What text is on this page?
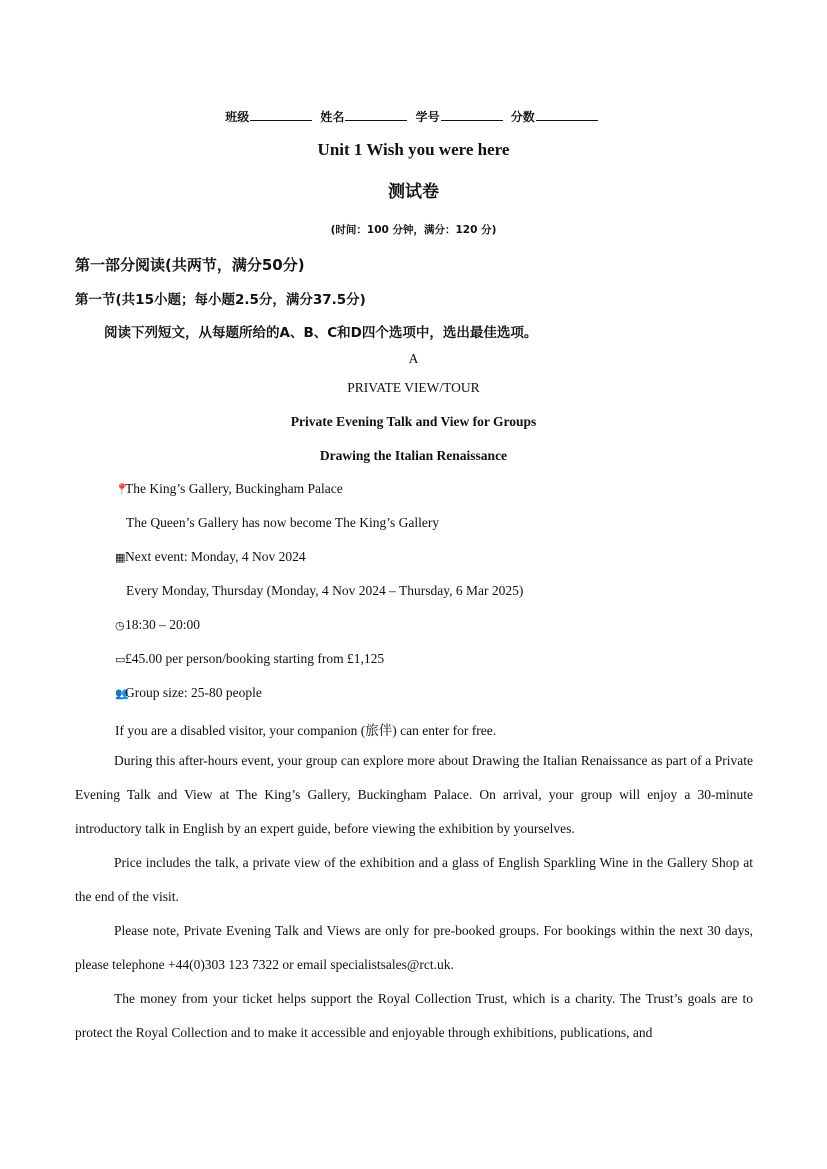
班级	姓名	学号	分数
Unit 1 Wish you were here
测试卷
(时间：100 分钟，满分：120 分)
第一部分阅读(共两节，满分50分)
第一节(共15小题；每小题2.5分，满分37.5分)
阅读下列短文，从每题所给的A、B、C和D四个选项中，选出最佳选项。
A
PRIVATE VIEW/TOUR
Private Evening Talk and View for Groups
Drawing the Italian Renaissance
📍The King’s Gallery, Buckingham Palace
The Queen’s Gallery has now become The King’s Gallery
▦Next event: Monday, 4 Nov 2024
Every Monday, Thursday (Monday, 4 Nov 2024 – Thursday, 6 Mar 2025)
◷18:30 – 20:00
▭£45.00 per person/booking starting from £1,125
👥Group size: 25-80 people
If you are a disabled visitor, your companion (旅伴) can enter for free.
During this after-hours event, your group can explore more about Drawing the Italian Renaissance as part of a Private Evening Talk and View at The King’s Gallery, Buckingham Palace. On arrival, your group will enjoy a 30-minute introductory talk in English by an expert guide, before viewing the exhibition by yourselves.
Price includes the talk, a private view of the exhibition and a glass of English Sparkling Wine in the Gallery Shop at the end of the visit.
Please note, Private Evening Talk and Views are only for pre-booked groups. For bookings within the next 30 days, please telephone +44(0)303 123 7322 or email specialistsales@rct.uk.
The money from your ticket helps support the Royal Collection Trust, which is a charity. The Trust’s goals are to protect the Royal Collection and to make it accessible and enjoyable through exhibitions, publications, and
